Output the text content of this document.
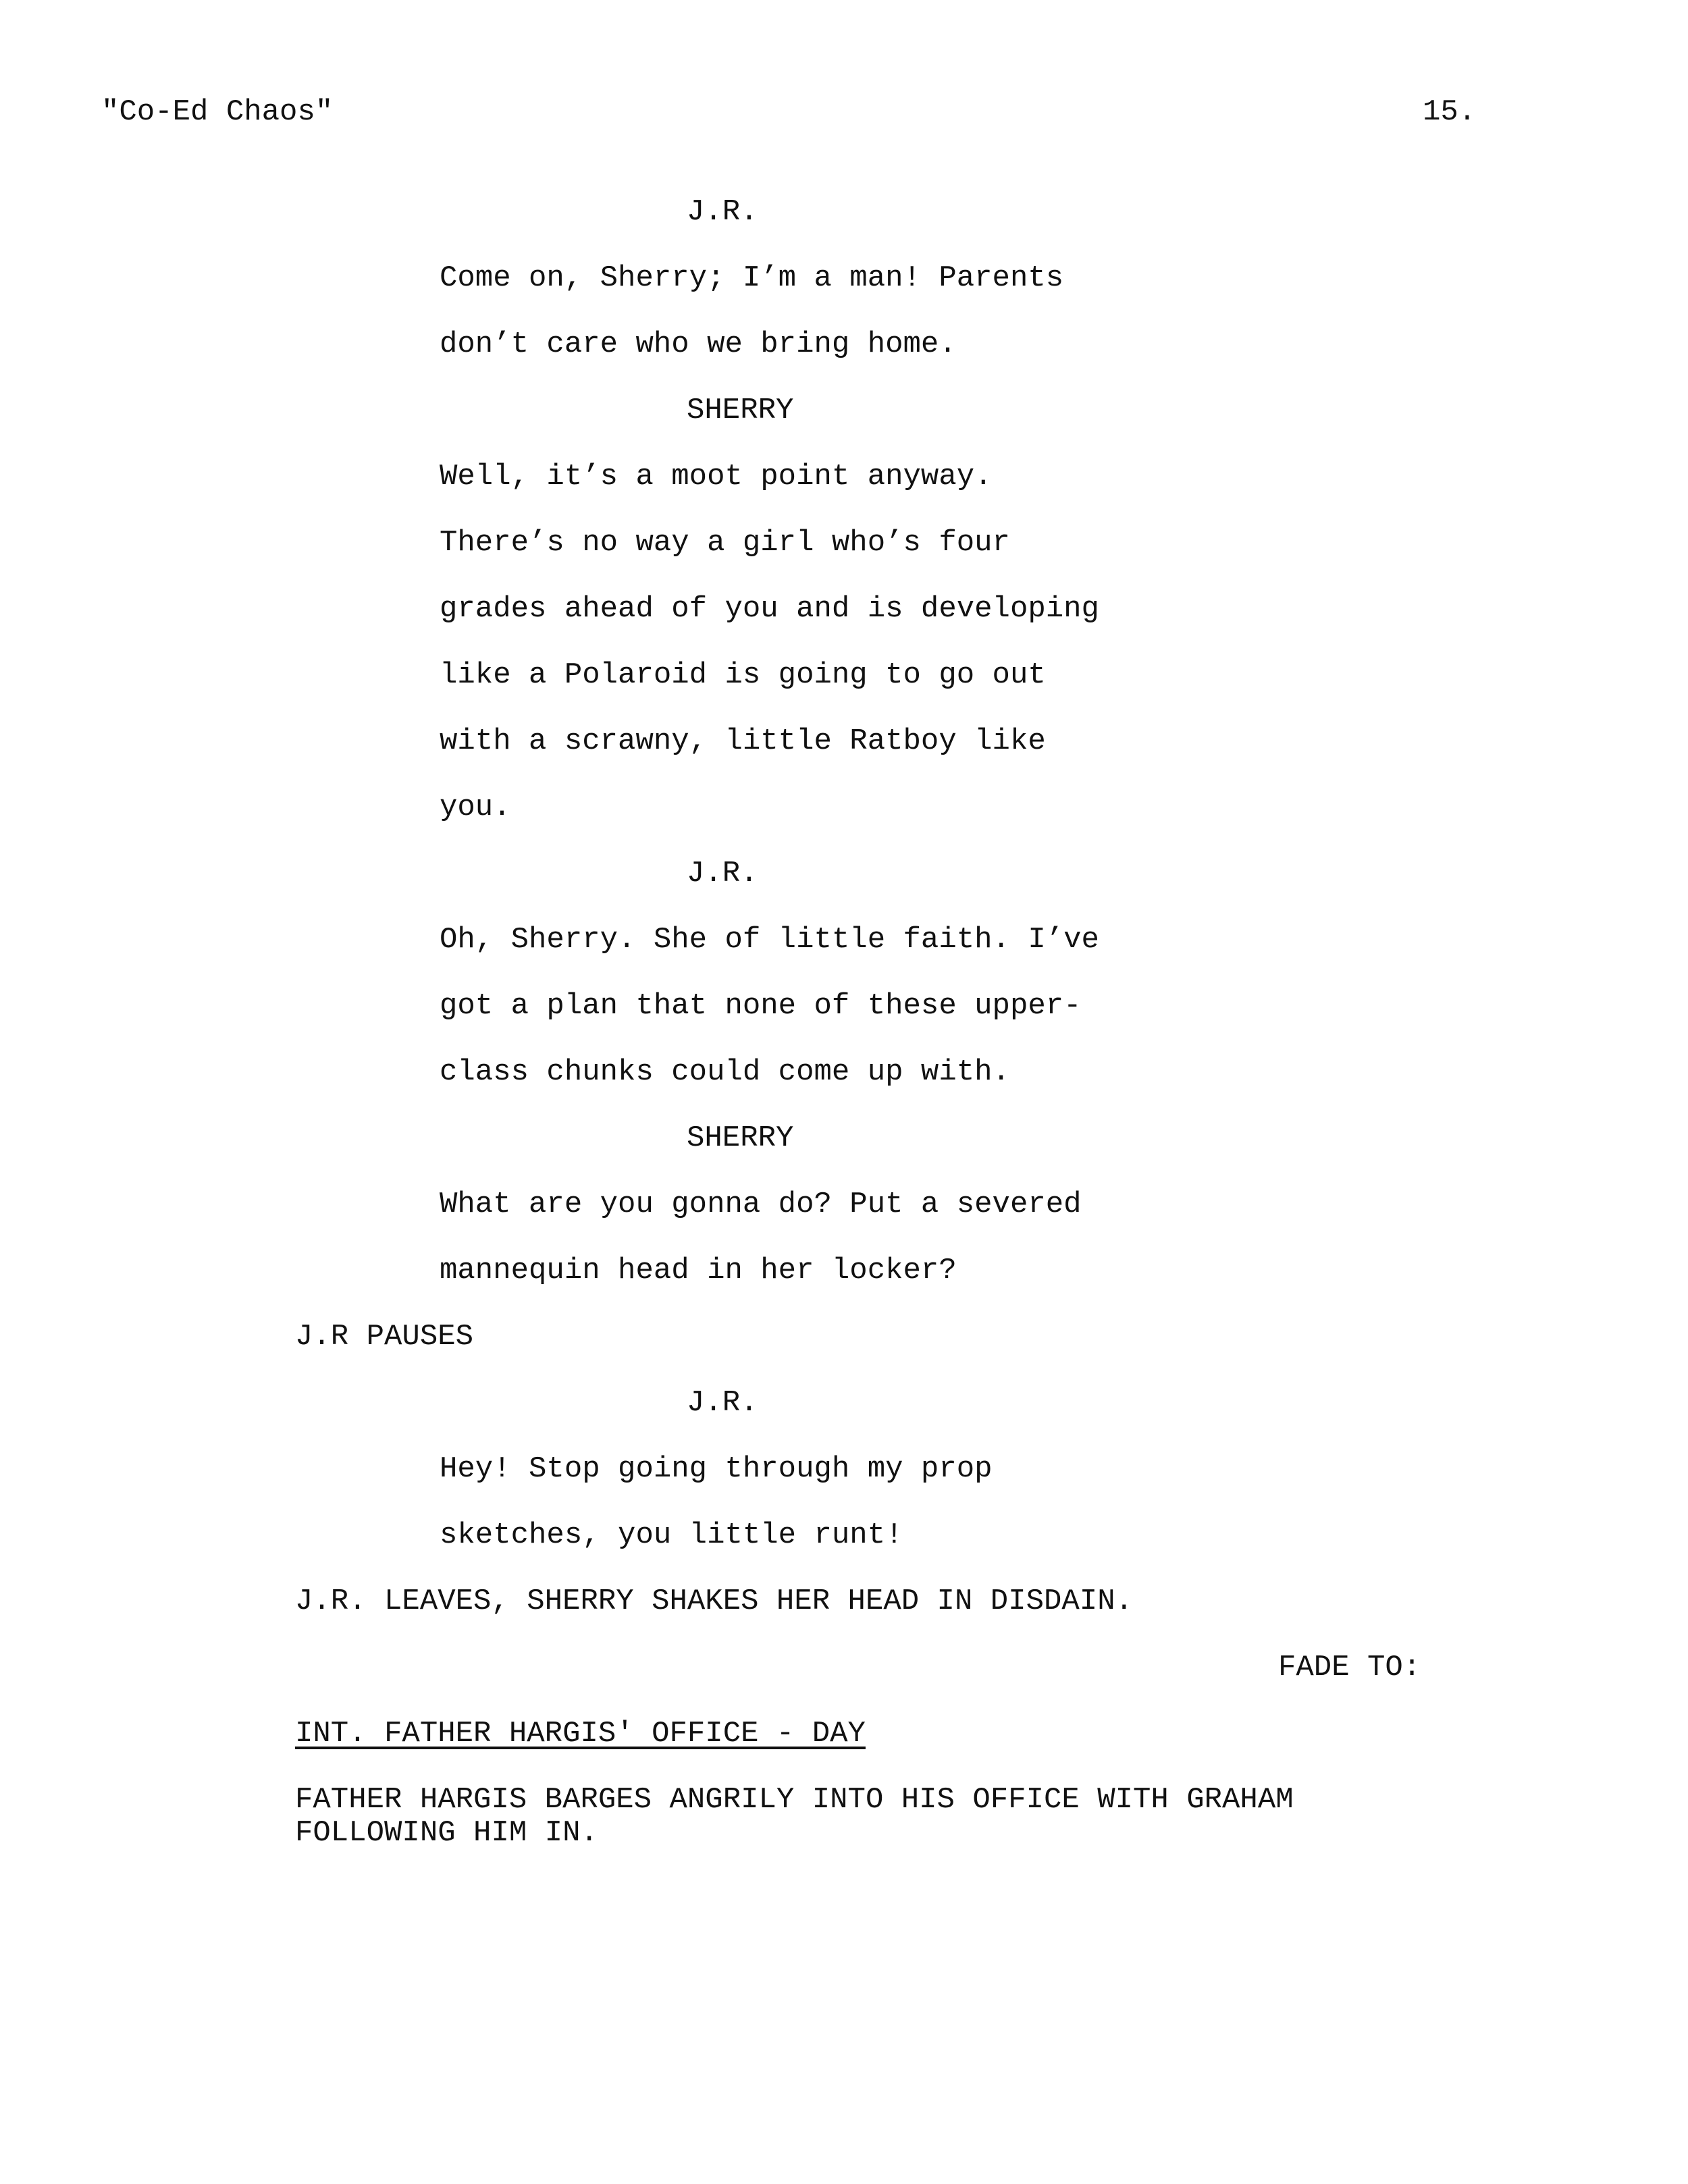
"Co-Ed Chaos"	15.

J.R.

Come on, Sherry; I’m a man! Parents

don’t care who we bring home.

SHERRY

Well, it’s a moot point anyway.

There’s no way a girl who’s four

grades ahead of you and is developing

like a Polaroid is going to go out

with a scrawny, little Ratboy like

you.

J.R.

Oh, Sherry. She of little faith. I’ve

got a plan that none of these upper-

class chunks could come up with.

SHERRY

What are you gonna do? Put a severed

mannequin head in her locker?

J.R PAUSES

J.R.

Hey! Stop going through my prop

sketches, you little runt!

J.R. LEAVES, SHERRY SHAKES HER HEAD IN DISDAIN.

FADE TO:

INT. FATHER HARGIS' OFFICE - DAY

FATHER HARGIS BARGES ANGRILY INTO HIS OFFICE WITH GRAHAM

FOLLOWING HIM IN.
